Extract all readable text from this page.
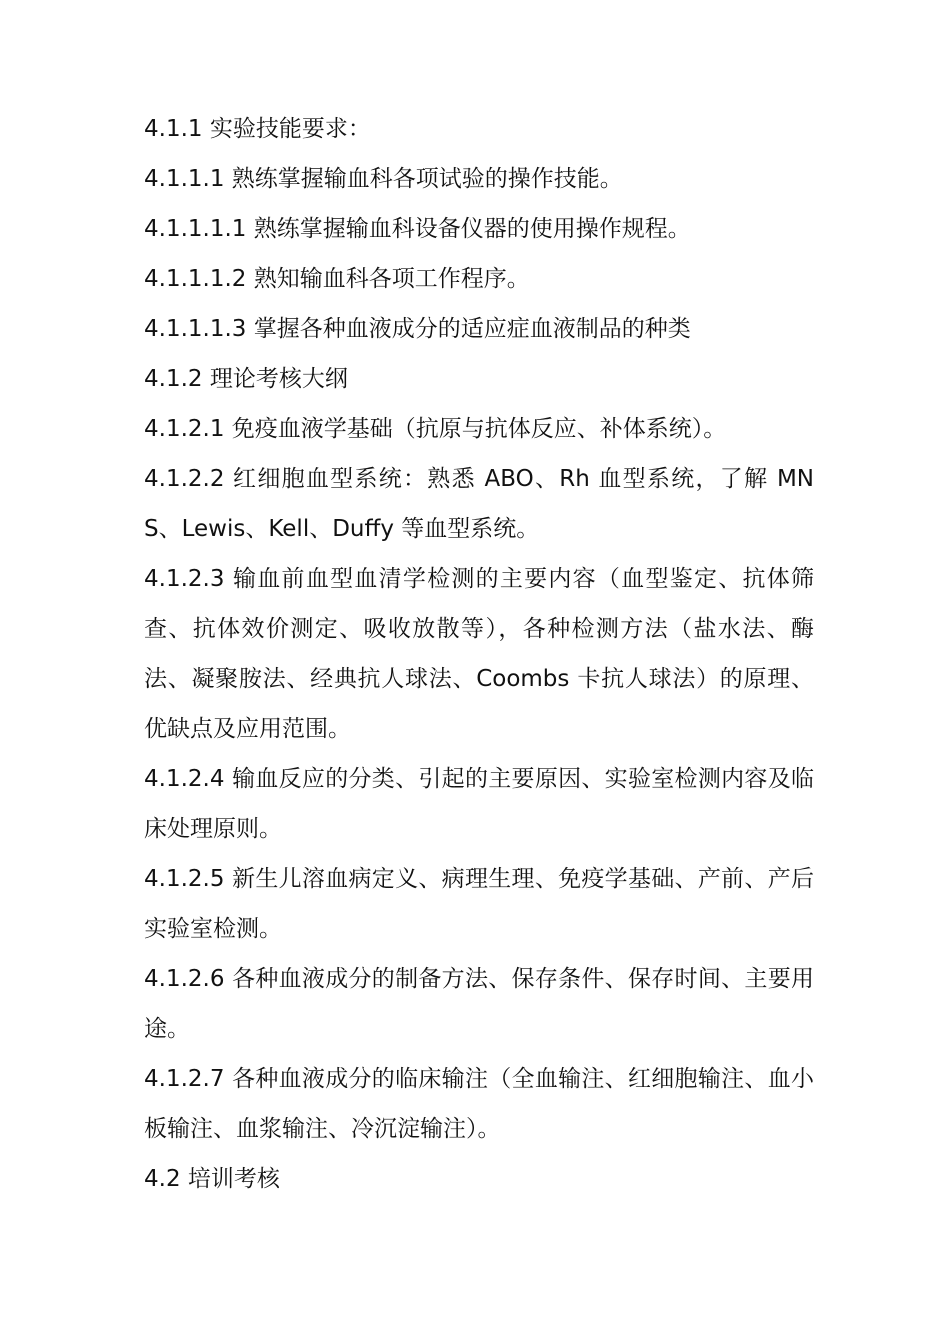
4.1.1 实验技能要求：

4.1.1.1 熟练掌握输血科各项试验的操作技能。

4.1.1.1.1 熟练掌握输血科设备仪器的使用操作规程。

4.1.1.1.2 熟知输血科各项工作程序。

4.1.1.1.3 掌握各种血液成分的适应症血液制品的种类

4.1.2 理论考核大纲

4.1.2.1 免疫血液学基础（抗原与抗体反应、补体系统）。

4.1.2.2 红细胞血型系统：熟悉 ABO、Rh 血型系统，了解 MNS、Lewis、Kell、Duffy 等血型系统。

4.1.2.3 输血前血型血清学检测的主要内容（血型鉴定、抗体筛查、抗体效价测定、吸收放散等），各种检测方法（盐水法、酶法、凝聚胺法、经典抗人球法、Coombs 卡抗人球法）的原理、优缺点及应用范围。

4.1.2.4 输血反应的分类、引起的主要原因、实验室检测内容及临床处理原则。

4.1.2.5 新生儿溶血病定义、病理生理、免疫学基础、产前、产后实验室检测。

4.1.2.6 各种血液成分的制备方法、保存条件、保存时间、主要用途。

4.1.2.7 各种血液成分的临床输注（全血输注、红细胞输注、血小板输注、血浆输注、冷沉淀输注）。

4.2 培训考核
